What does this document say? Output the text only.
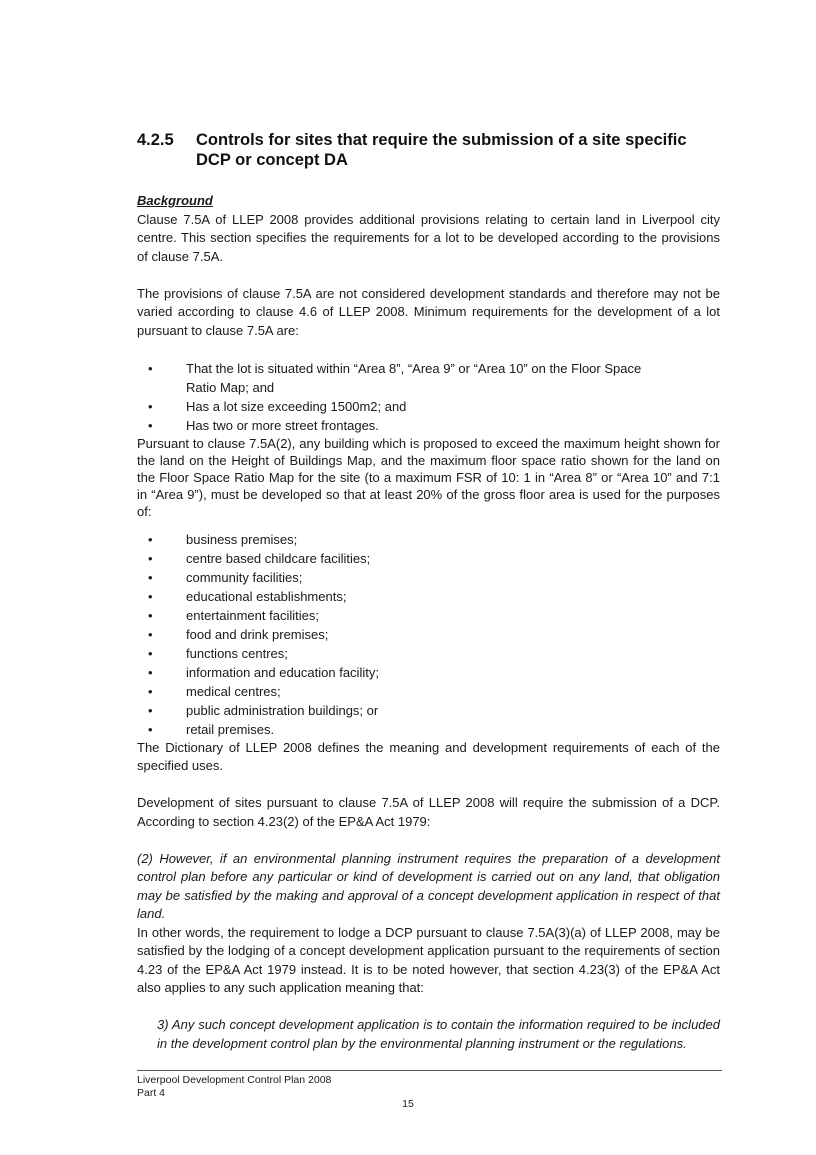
4.2.5	Controls for sites that require the submission of a site specific DCP or concept DA
Background

Clause 7.5A of LLEP 2008 provides additional provisions relating to certain land in Liverpool city centre. This section specifies the requirements for a lot to be developed according to the provisions of clause 7.5A.

The provisions of clause 7.5A are not considered development standards and therefore may not be varied according to clause 4.6 of LLEP 2008. Minimum requirements for the development of a lot pursuant to clause 7.5A are:

•	That the lot is situated within “Area 8”, “Area 9” or “Area 10” on the Floor Space Ratio Map; and
•	Has a lot size exceeding 1500m2; and
•	Has two or more street frontages.

Pursuant to clause 7.5A(2), any building which is proposed to exceed the maximum height shown for the land on the Height of Buildings Map, and the maximum floor space ratio shown for the land on the Floor Space Ratio Map for the site (to a maximum FSR of 10: 1 in “Area 8” or “Area 10” and 7:1 in “Area 9”), must be developed so that at least 20% of the gross floor area is used for the purposes of:

•	business premises;
•	centre based childcare facilities;
•	community facilities;
•	educational establishments;
•	entertainment facilities;
•	food and drink premises;
•	functions centres;
•	information and education facility;
•	medical centres;
•	public administration buildings; or
•	retail premises.

The Dictionary of LLEP 2008 defines the meaning and development requirements of each of the specified uses.

Development of sites pursuant to clause 7.5A of LLEP 2008 will require the submission of a DCP. According to section 4.23(2) of the EP&A Act 1979:

(2) However, if an environmental planning instrument requires the preparation of a development control plan before any particular or kind of development is carried out on any land, that obligation may be satisfied by the making and approval of a concept development application in respect of that land.

In other words, the requirement to lodge a DCP pursuant to clause 7.5A(3)(a) of LLEP 2008, may be satisfied by the lodging of a concept development application pursuant to the requirements of section 4.23 of the EP&A Act 1979 instead. It is to be noted however, that section 4.23(3) of the EP&A Act also applies to any such application meaning that:

3) Any such concept development application is to contain the information required to be included in the development control plan by the environmental planning instrument or the regulations.

Liverpool Development Control Plan 2008
Part 4
15
